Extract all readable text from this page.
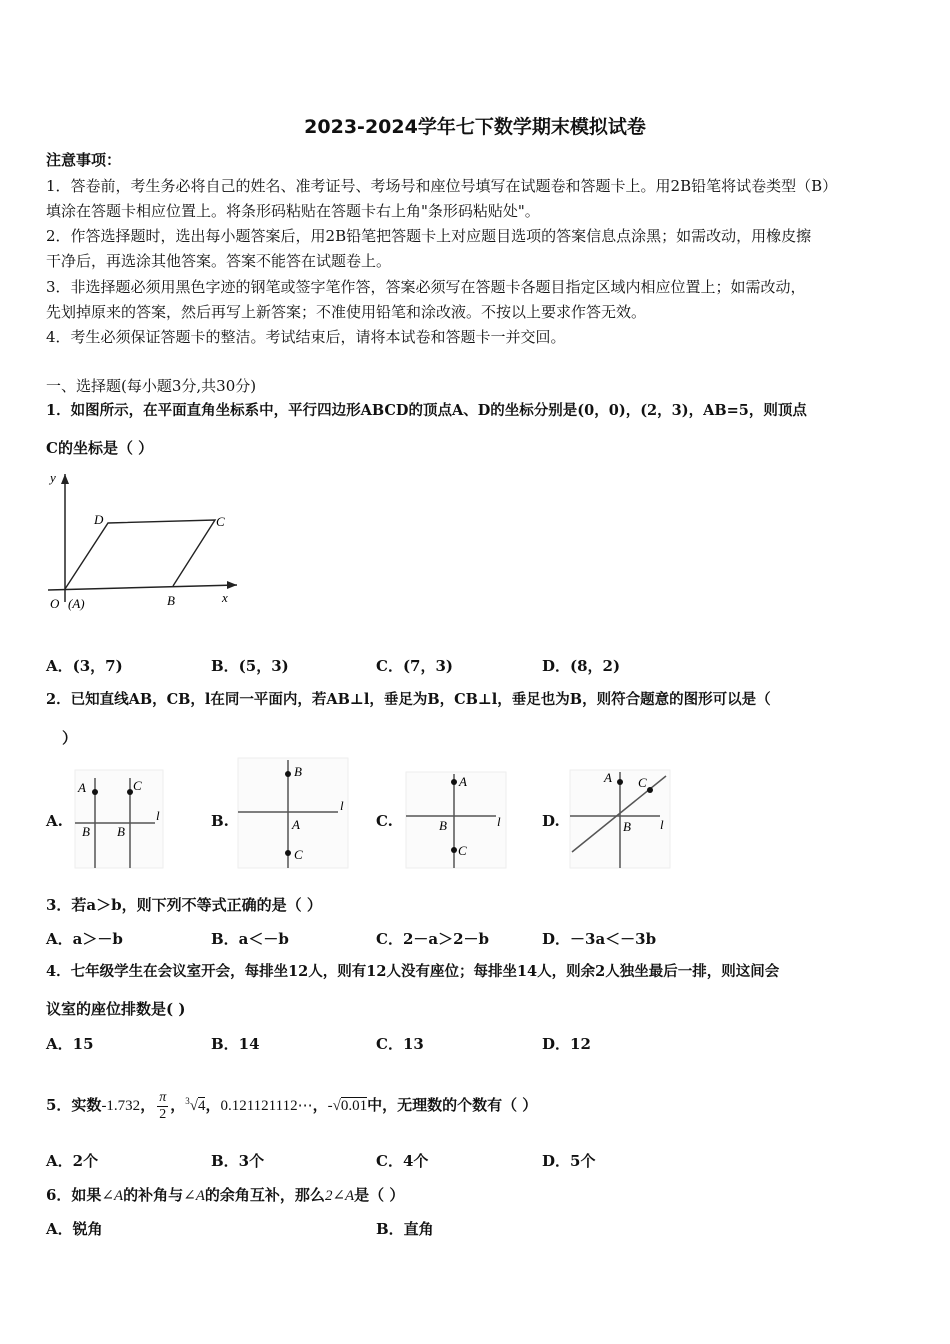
2023-2024学年七下数学期末模拟试卷
注意事项：
1．答卷前，考生务必将自己的姓名、准考证号、考场号和座位号填写在试题卷和答题卡上。用2B铅笔将试卷类型（B）
填涂在答题卡相应位置上。将条形码粘贴在答题卡右上角"条形码粘贴处"。
2．作答选择题时，选出每小题答案后，用2B铅笔把答题卡上对应题目选项的答案信息点涂黑；如需改动，用橡皮擦
干净后，再选涂其他答案。答案不能答在试题卷上。
3．非选择题必须用黑色字迹的钢笔或签字笔作答，答案必须写在答题卡各题目指定区域内相应位置上；如需改动，
先划掉原来的答案，然后再写上新答案；不准使用铅笔和涂改液。不按以上要求作答无效。
4．考生必须保证答题卡的整洁。考试结束后，请将本试卷和答题卡一并交回。
一、选择题(每小题3分,共30分)
1．如图所示，在平面直角坐标系中，平行四边形ABCD的顶点A、D的坐标分别是(0，0)，(2，3)，AB=5，则顶点
C的坐标是（ ）
y
x
O (A)	B
C
D
A．(3，7)	B．(5，3)	C．(7，3)	D．(8，2)
2．已知直线AB，CB，l在同一平面内，若AB⊥l，垂足为B，CB⊥l，垂足也为B，则符合题意的图形可以是（
）
A.
A	C
B B
l	B.
B
A
C
l
C.
A
B
C
l	D.
A C
B l
3．若a＞b，则下列不等式正确的是（ ）
A．a＞－b	B．a＜－b	C．2－a＞2－b	D．－3a＜－3b
4．七年级学生在会议室开会，每排坐12人，则有12人没有座位；每排坐14人，则余2人独坐最后一排，则这间会
议室的座位排数是( )
A．15	B．14	C．13	D．12
5．实数-1.732， $\frac{\pi}{2}$ ，$^3$√4，0.121121112⋯，-√0.01中，无理数的个数有（ ）
A．2个	B．3个	C．4个	D．5个
6．如果∠A的补角与∠A的余角互补，那么2∠A是（ ）
A．锐角	B．直角
